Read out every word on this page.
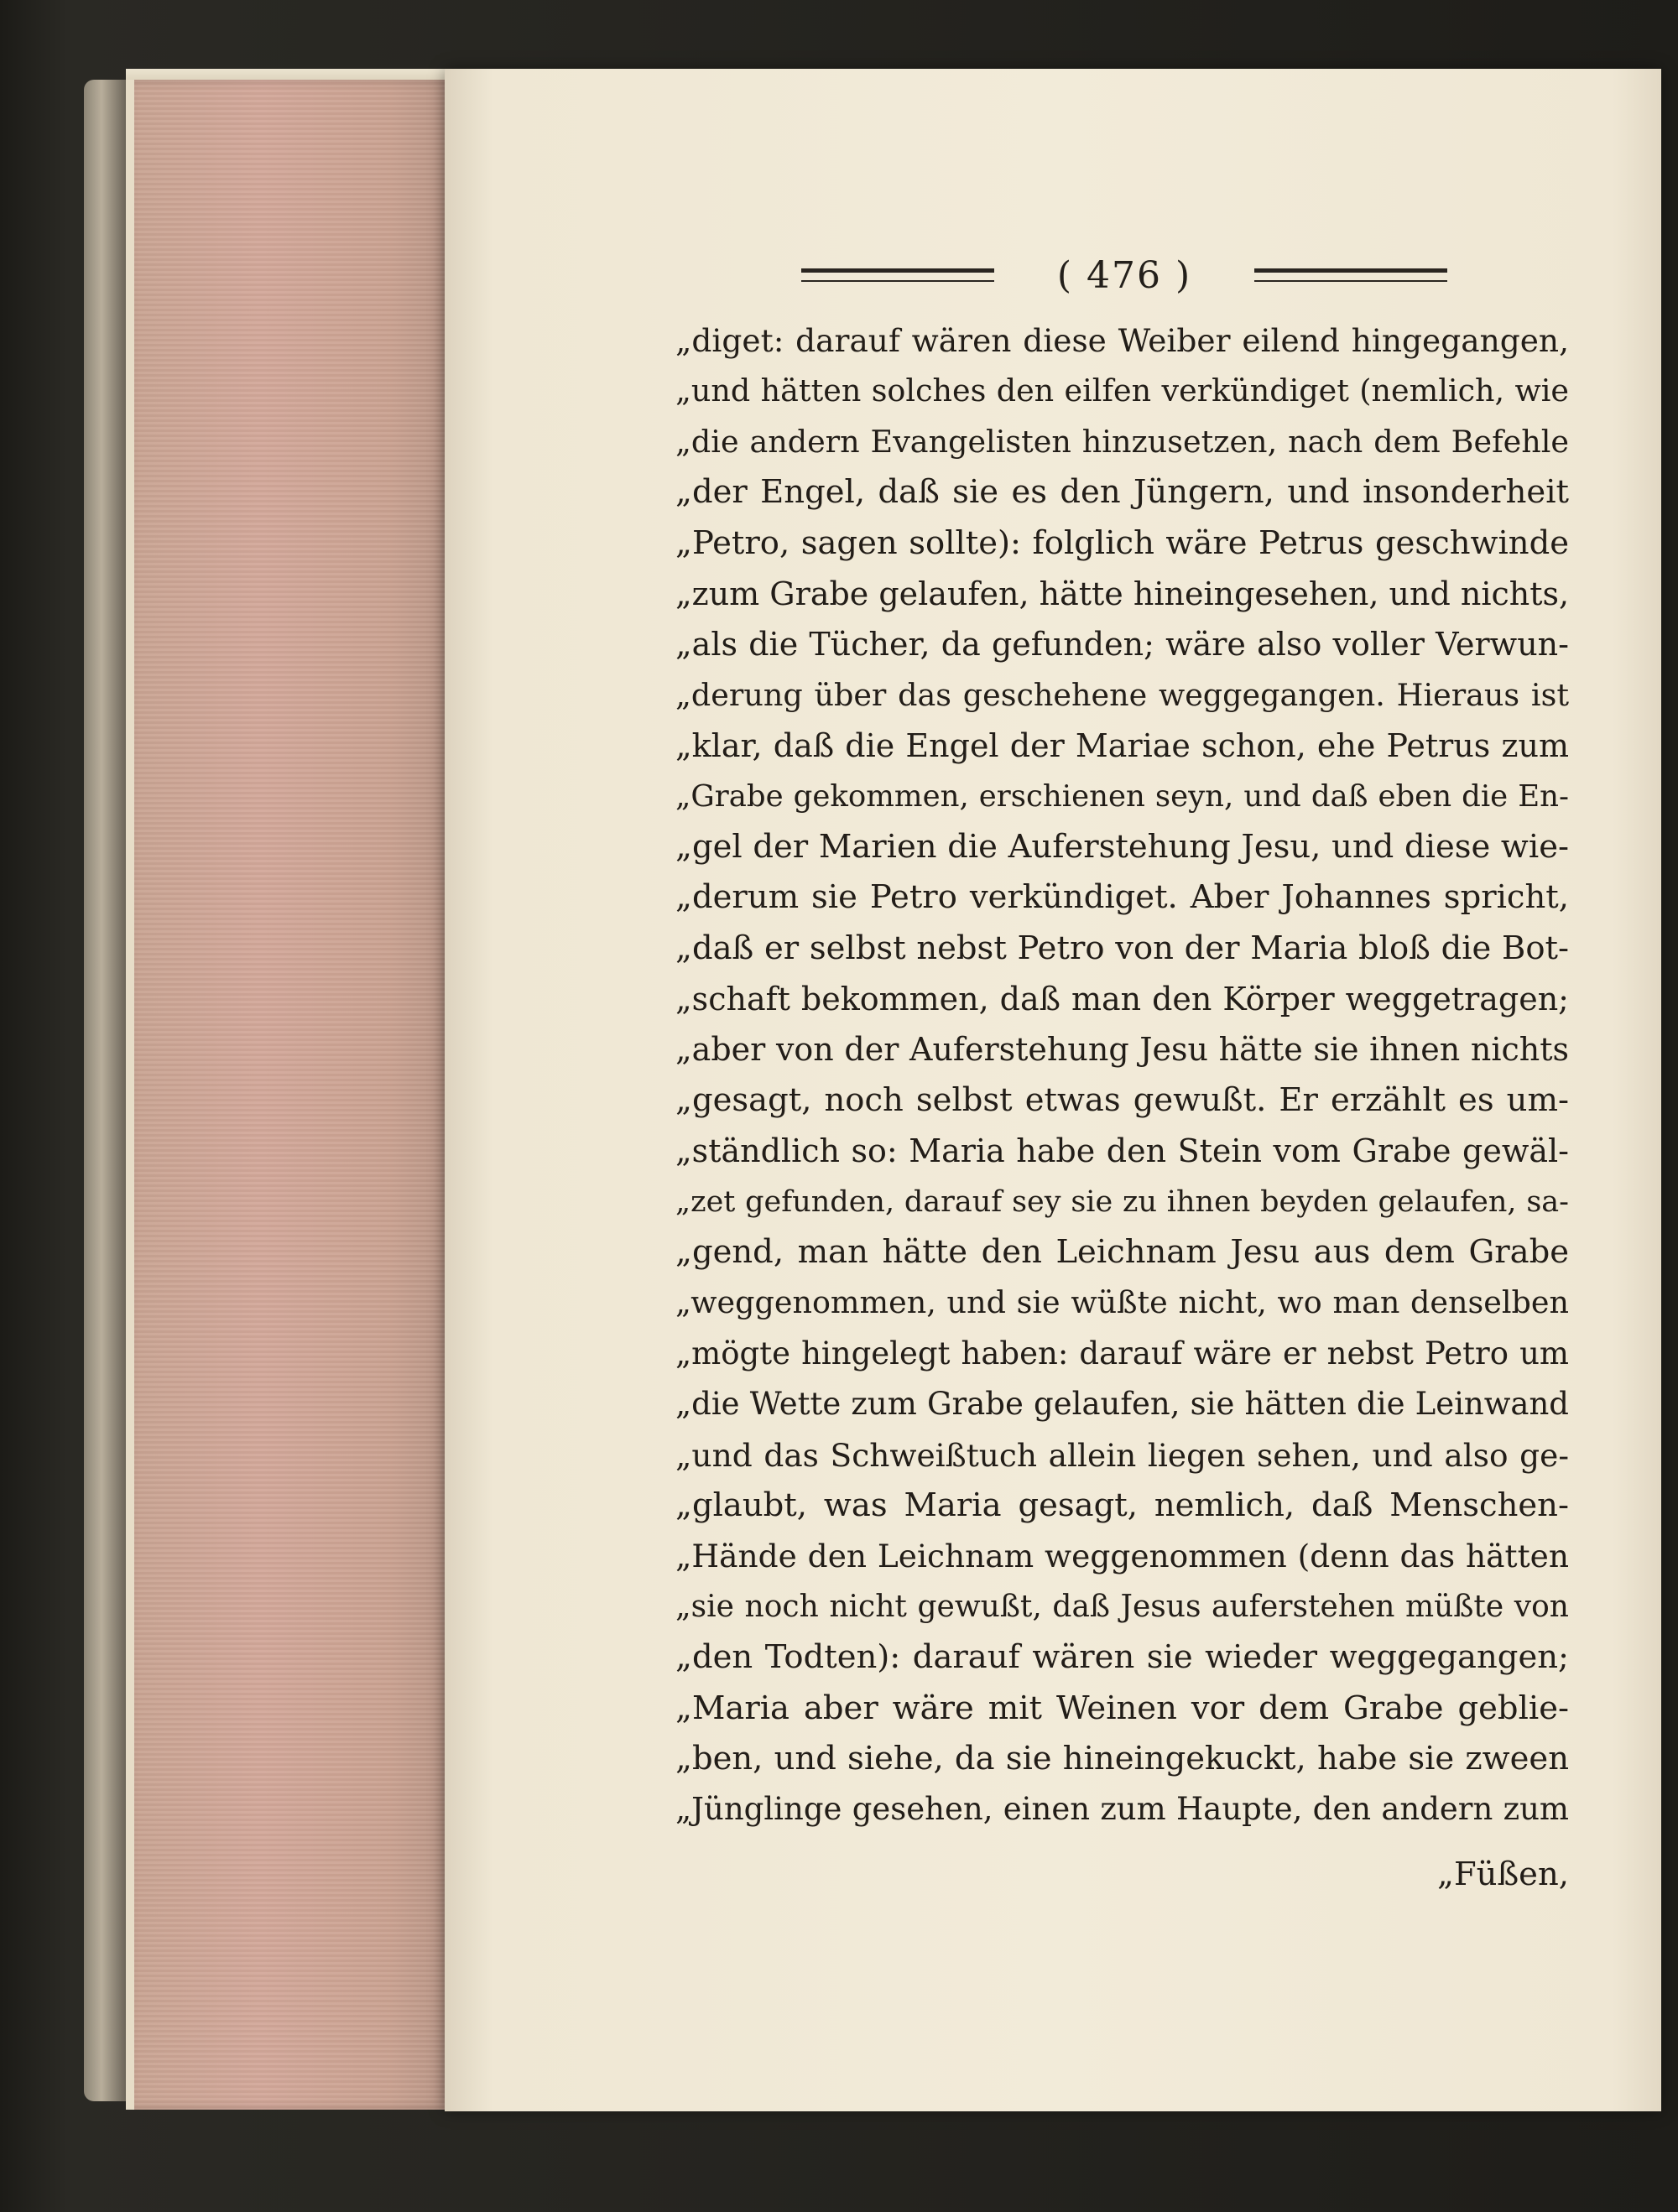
( 476 )
„diget: darauf wären diese Weiber eilend hingegangen,
„und hätten solches den eilfen verkündiget (nemlich, wie
„die andern Evangelisten hinzusetzen, nach dem Befehle
„der Engel, daß sie es den Jüngern, und insonderheit
„Petro, sagen sollte): folglich wäre Petrus geschwinde
„zum Grabe gelaufen, hätte hineingesehen, und nichts,
„als die Tücher, da gefunden; wäre also voller Verwun-
„derung über das geschehene weggegangen. Hieraus ist
„klar, daß die Engel der Mariae schon, ehe Petrus zum
„Grabe gekommen, erschienen seyn, und daß eben die En-
„gel der Marien die Auferstehung Jesu, und diese wie-
„derum sie Petro verkündiget. Aber Johannes spricht,
„daß er selbst nebst Petro von der Maria bloß die Bot-
„schaft bekommen, daß man den Körper weggetragen;
„aber von der Auferstehung Jesu hätte sie ihnen nichts
„gesagt, noch selbst etwas gewußt. Er erzählt es um-
„ständlich so: Maria habe den Stein vom Grabe gewäl-
„zet gefunden, darauf sey sie zu ihnen beyden gelaufen, sa-
„gend, man hätte den Leichnam Jesu aus dem Grabe
„weggenommen, und sie wüßte nicht, wo man denselben
„mögte hingelegt haben: darauf wäre er nebst Petro um
„die Wette zum Grabe gelaufen, sie hätten die Leinwand
„und das Schweißtuch allein liegen sehen, und also ge-
„glaubt, was Maria gesagt, nemlich, daß Menschen-
„Hände den Leichnam weggenommen (denn das hätten
„sie noch nicht gewußt, daß Jesus auferstehen müßte von
„den Todten): darauf wären sie wieder weggegangen;
„Maria aber wäre mit Weinen vor dem Grabe geblie-
„ben, und siehe, da sie hineingekuckt, habe sie zween
„Jünglinge gesehen, einen zum Haupte, den andern zum
„Füßen,
